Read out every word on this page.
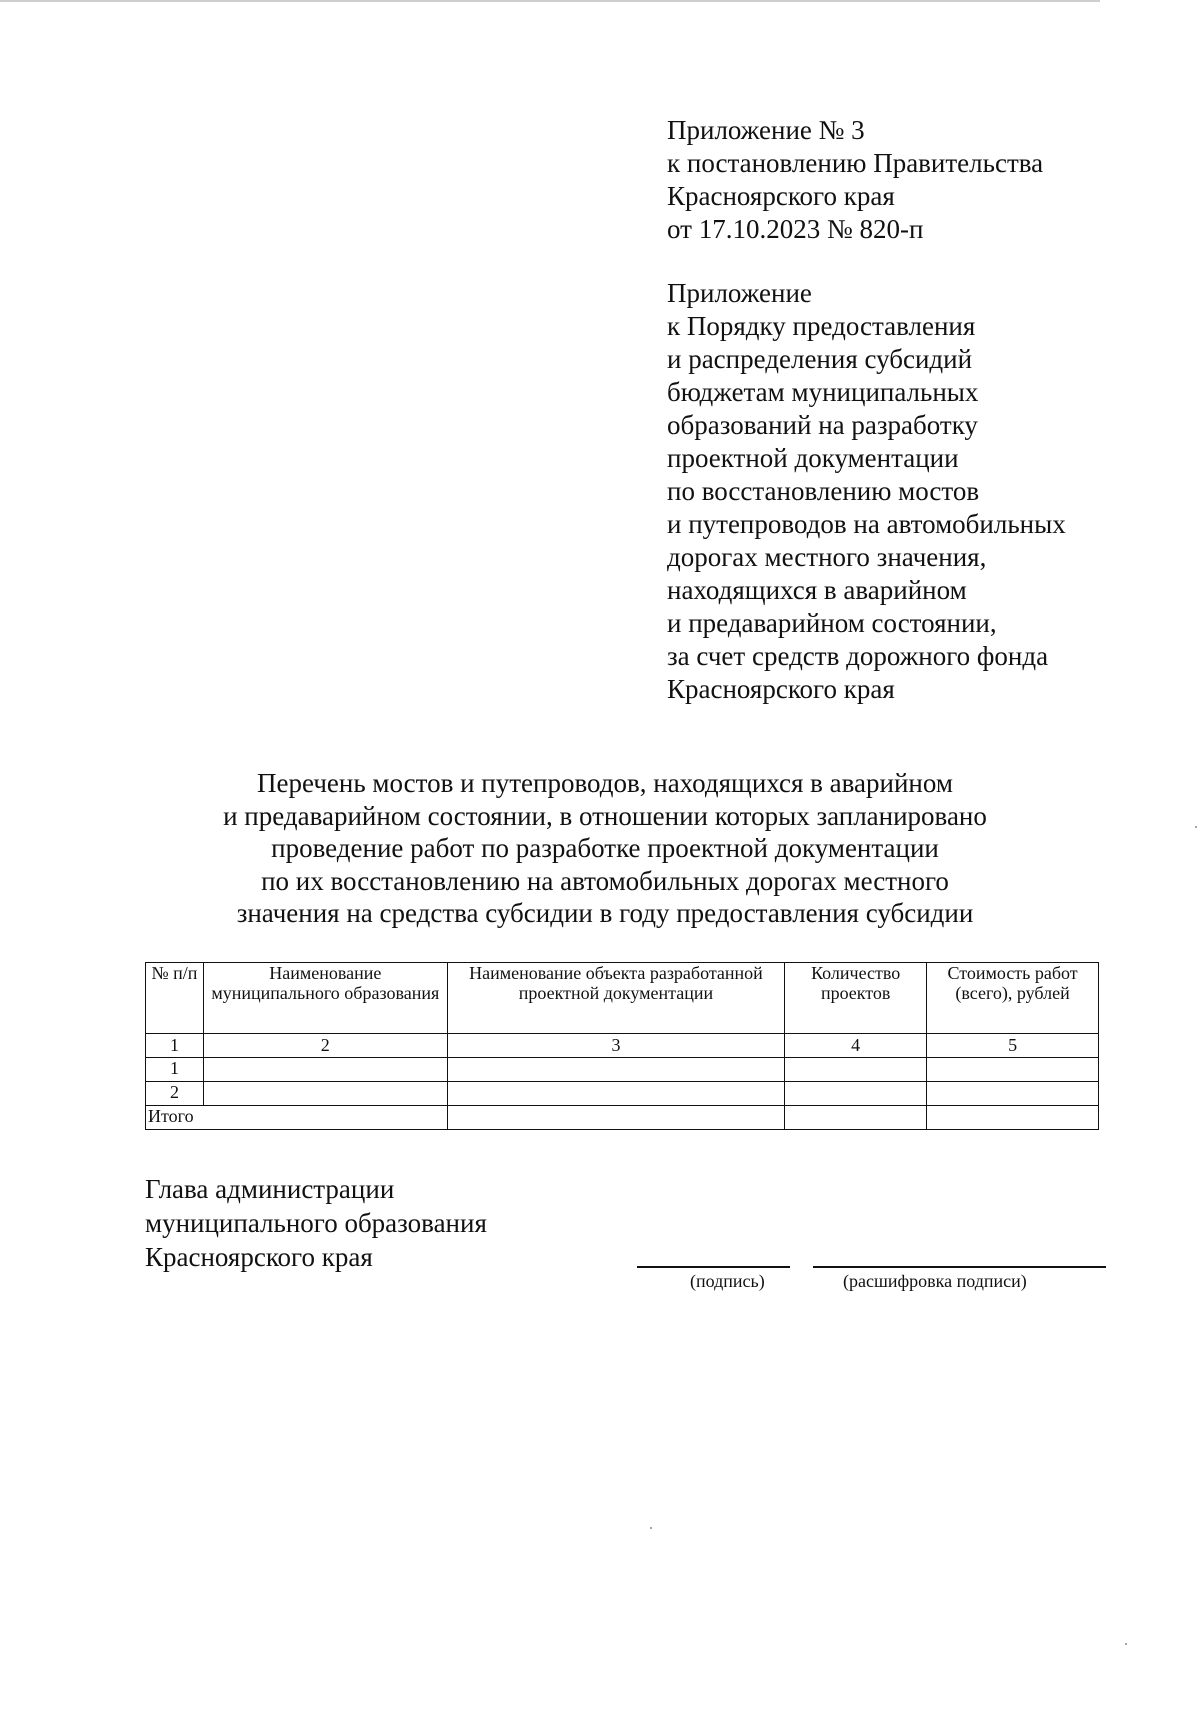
Приложение № 3
к постановлению Правительства
Красноярского края
от 17.10.2023 № 820-п
Приложение
к Порядку предоставления
и распределения субсидий
бюджетам муниципальных
образований на разработку
проектной документации
по восстановлению мостов
и путепроводов на автомобильных
дорогах местного значения,
находящихся в аварийном
и предаварийном состоянии,
за счет средств дорожного фонда
Красноярского края
Перечень мостов и путепроводов, находящихся в аварийном
и предаварийном состоянии, в отношении которых запланировано
проведение работ по разработке проектной документации
по их восстановлению на автомобильных дорогах местного
значения на средства субсидии в году предоставления субсидии
№ п/п	Наименование муниципального образования	Наименование объекта разработанной проектной документации	Количество проектов	Стоимость работ (всего), рублей
1	2	3	4	5
1				
2				
Итого				
Глава администрации
муниципального образования
Красноярского края
(подпись)	(расшифровка подписи)
